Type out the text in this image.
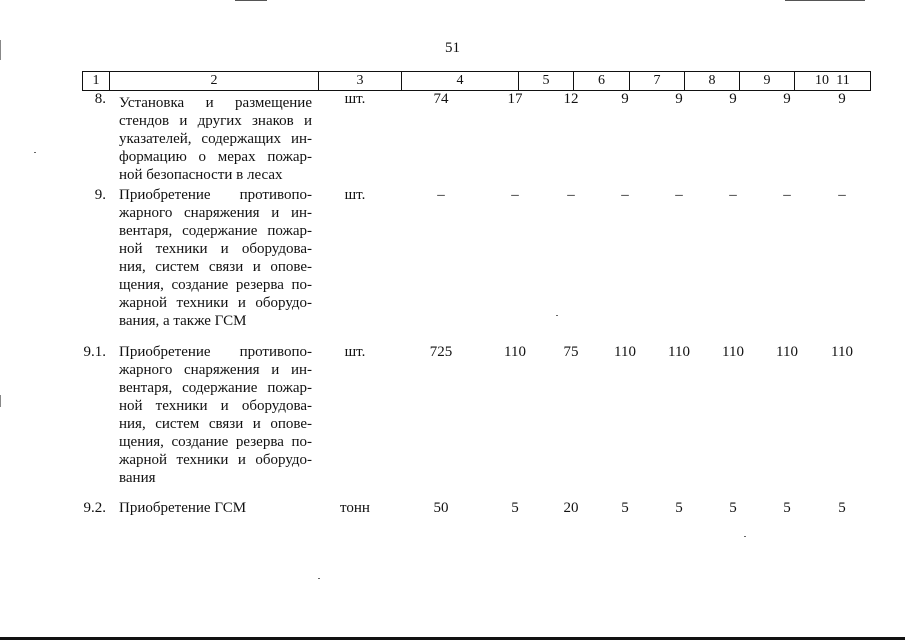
51
1	2	3	4	5	6	7	8	9	10 11
8. Установка и размещение
стендов и других знаков и
указателей, содержащих ин-
формацию о мерах пожар-
ной безопасности в лесах
шт.	74	17	12	9	9	9	9	9
9. Приобретение противопо-
жарного снаряжения и ин-
вентаря, содержание пожар-
ной техники и оборудова-
ния, систем связи и опове-
щения, создание резерва по-
жарной техники и оборудо-
вания, а также ГСМ
шт.	–	–	–	–	–	–	–	–
9.1. Приобретение противопо-
жарного снаряжения и ин-
вентаря, содержание пожар-
ной техники и оборудова-
ния, систем связи и опове-
щения, создание резерва по-
жарной техники и оборудо-
вания
шт.	725	110	75	110	110	110	110	110
9.2. Приобретение ГСМ	тонн	50	5	20	5	5	5	5	5
